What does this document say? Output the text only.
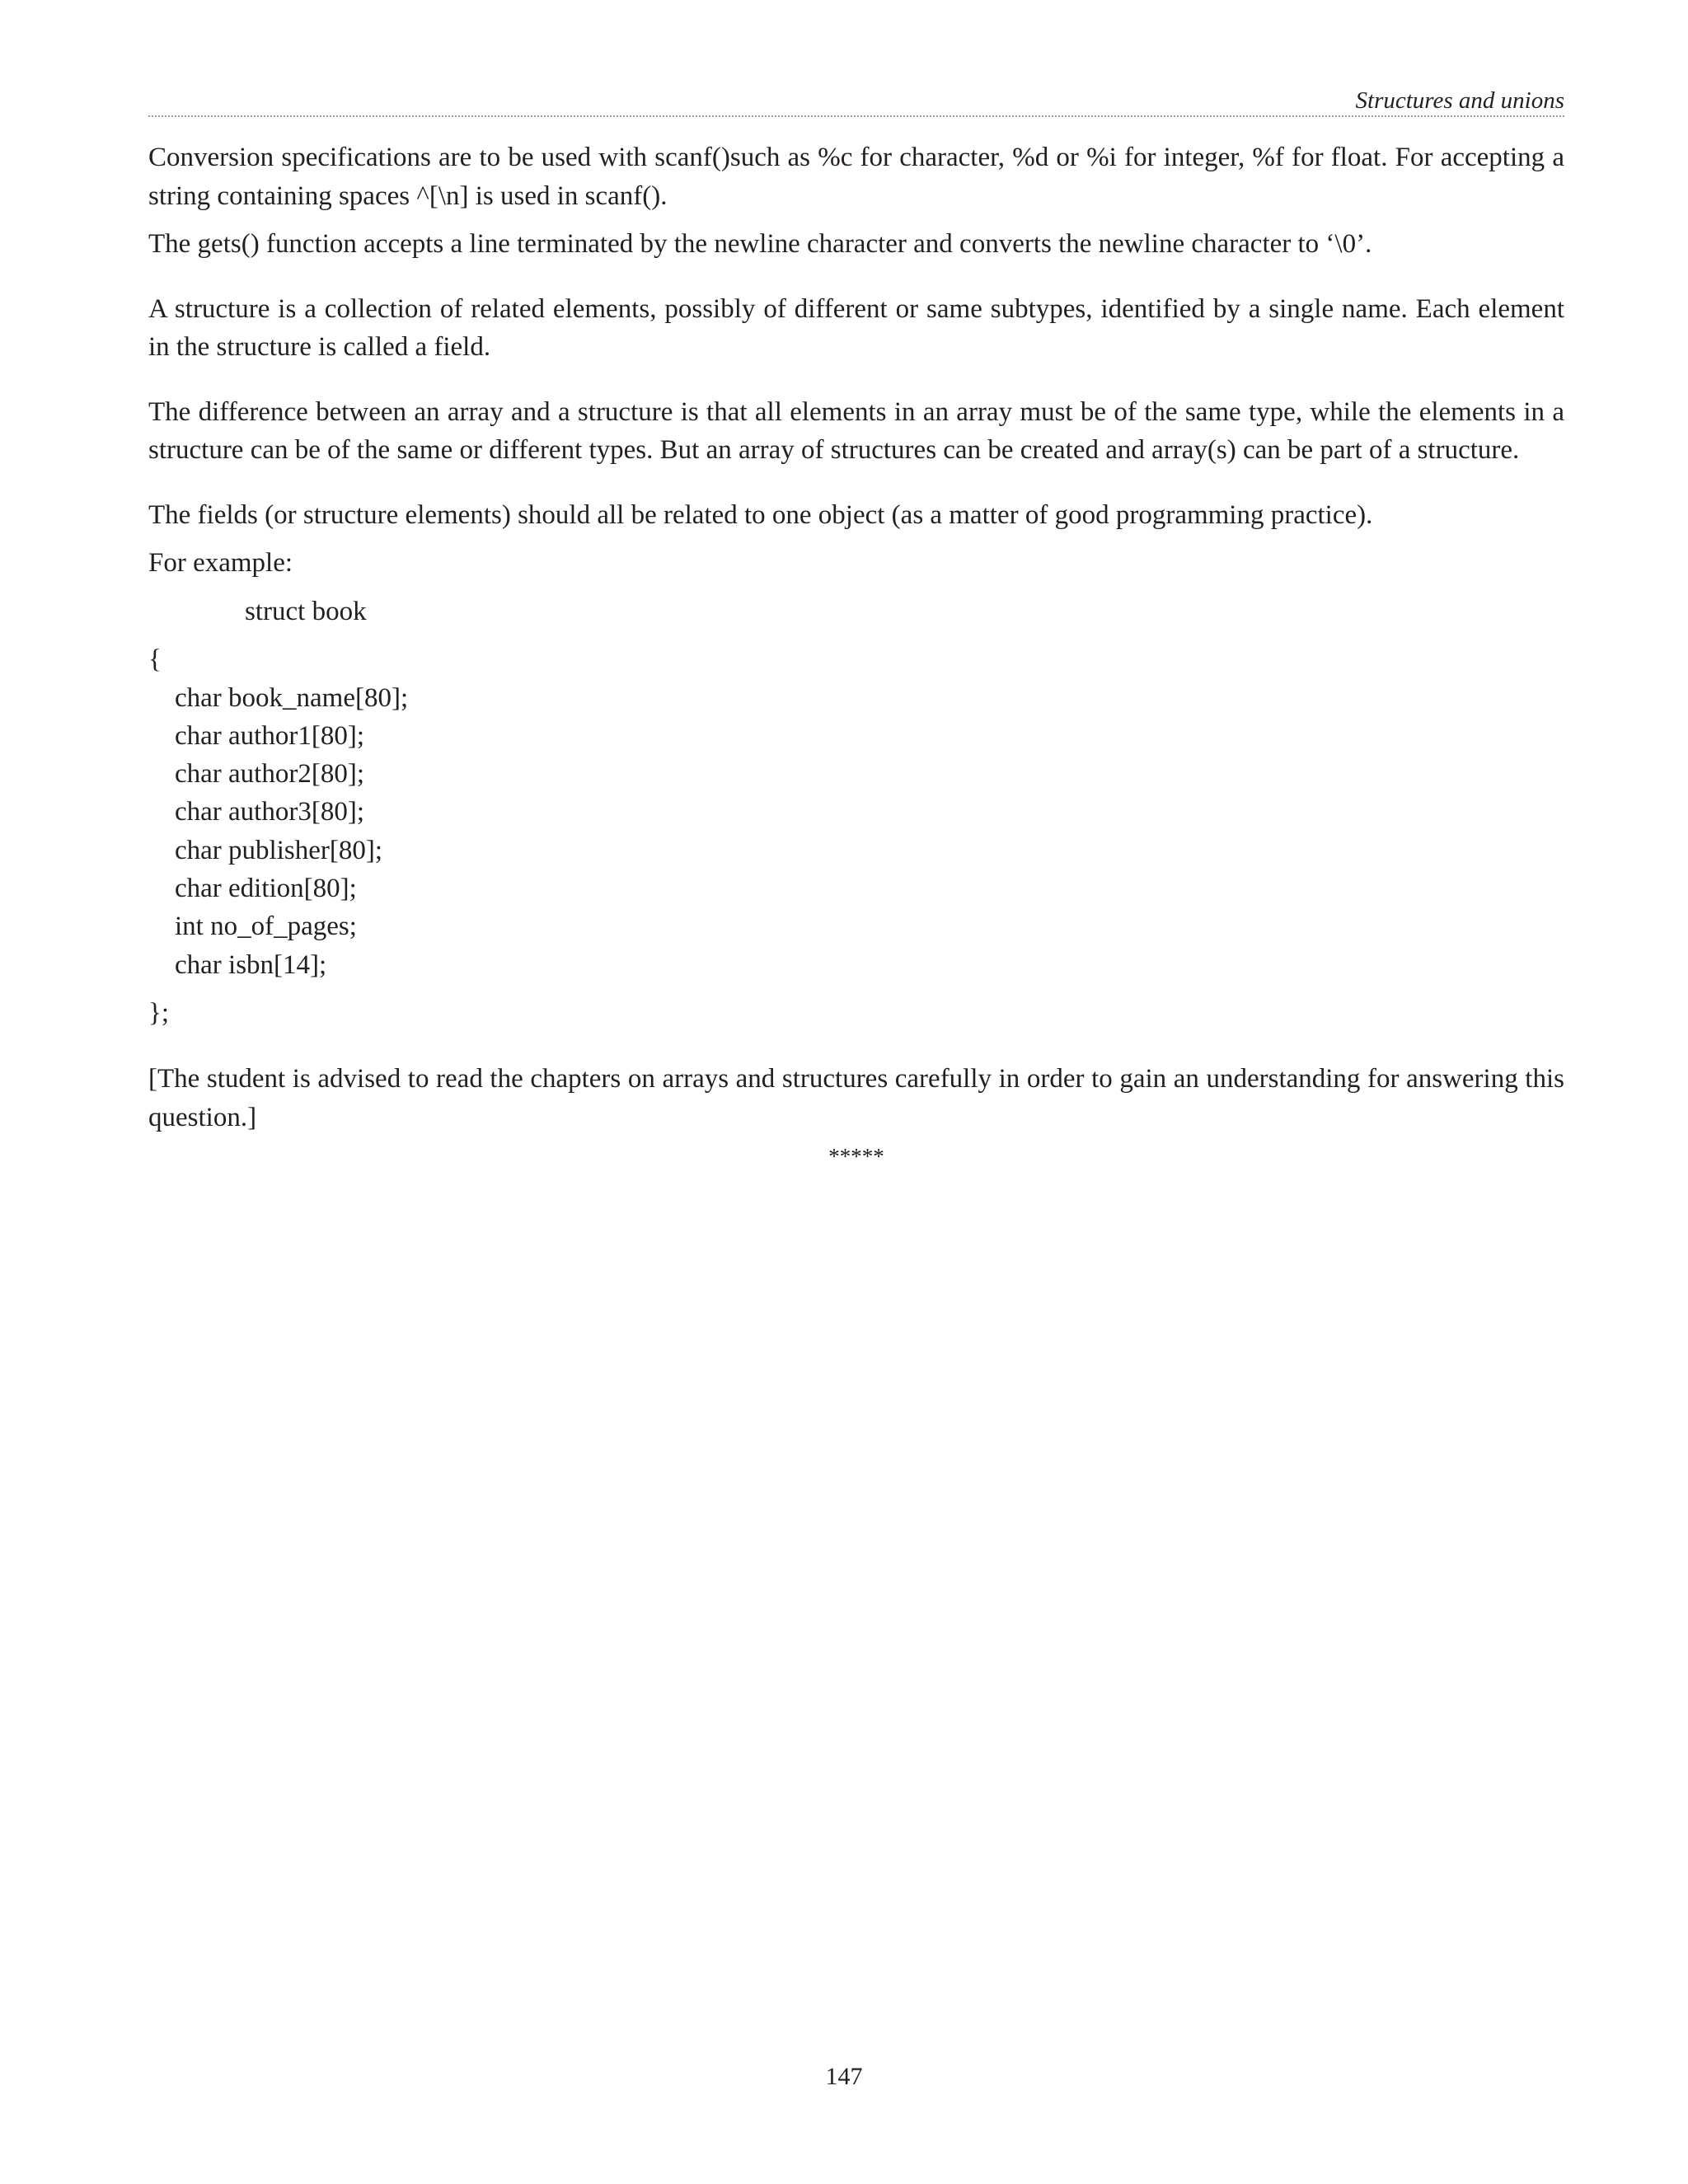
Structures and unions

Conversion specifications are to be used with scanf()such as %c for character, %d or %i for integer, %f for float. For accepting a string containing spaces ^[\n] is used in scanf().

The gets() function accepts a line terminated by the newline character and converts the newline character to ‘\0’.

A structure is a collection of related elements, possibly of different or same subtypes, identified by a single name. Each element in the structure is called a field.

The difference between an array and a structure is that all elements in an array must be of the same type, while the elements in a structure can be of the same or different types. But an array of structures can be created and array(s) can be part of a structure.

The fields (or structure elements) should all be related to one object (as a matter of good programming practice).

For example:

struct book
{
char book_name[80];
char author1[80];
char author2[80];
char author3[80];
char publisher[80];
char edition[80];
int no_of_pages;
char isbn[14];
};

[The student is advised to read the chapters on arrays and structures carefully in order to gain an understanding for answering this question.]

*****
147
